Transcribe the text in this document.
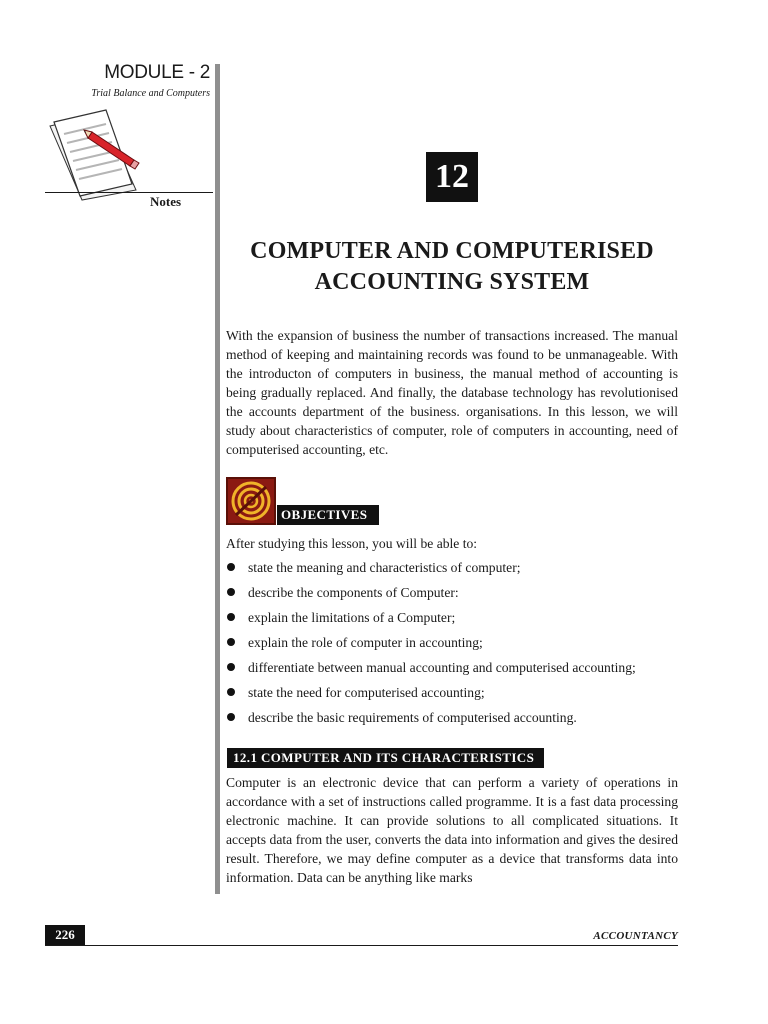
MODULE - 2
Trial Balance and Computers
Notes
12
COMPUTER AND COMPUTERISED
ACCOUNTING SYSTEM
With the expansion of business the number of transactions increased. The manual method of keeping and maintaining records was found to be unmanageable. With the introducton of computers in business, the manual method of accounting is being gradually replaced. And finally, the database technology has revolutionised the accounts department of the business. organisations. In this lesson, we will study about characteristics of computer, role of computers in accounting, need of computerised accounting, etc.
OBJECTIVES
After studying this lesson, you will be able to:
state the meaning and characteristics of computer;
describe the components of Computer:
explain the limitations of a Computer;
explain the role of computer in accounting;
differentiate between manual accounting and computerised accounting;
state the need for computerised accounting;
describe the basic requirements of computerised accounting.
12.1 COMPUTER AND ITS CHARACTERISTICS
Computer is an electronic device that can perform a variety of operations in accordance with a set of instructions called programme. It is a fast data processing electronic machine. It can provide solutions to all complicated situations. It accepts data from the user, converts the data into information and gives the desired result. Therefore, we may define computer as a device that transforms data into information. Data can be anything like marks
226	ACCOUNTANCY
